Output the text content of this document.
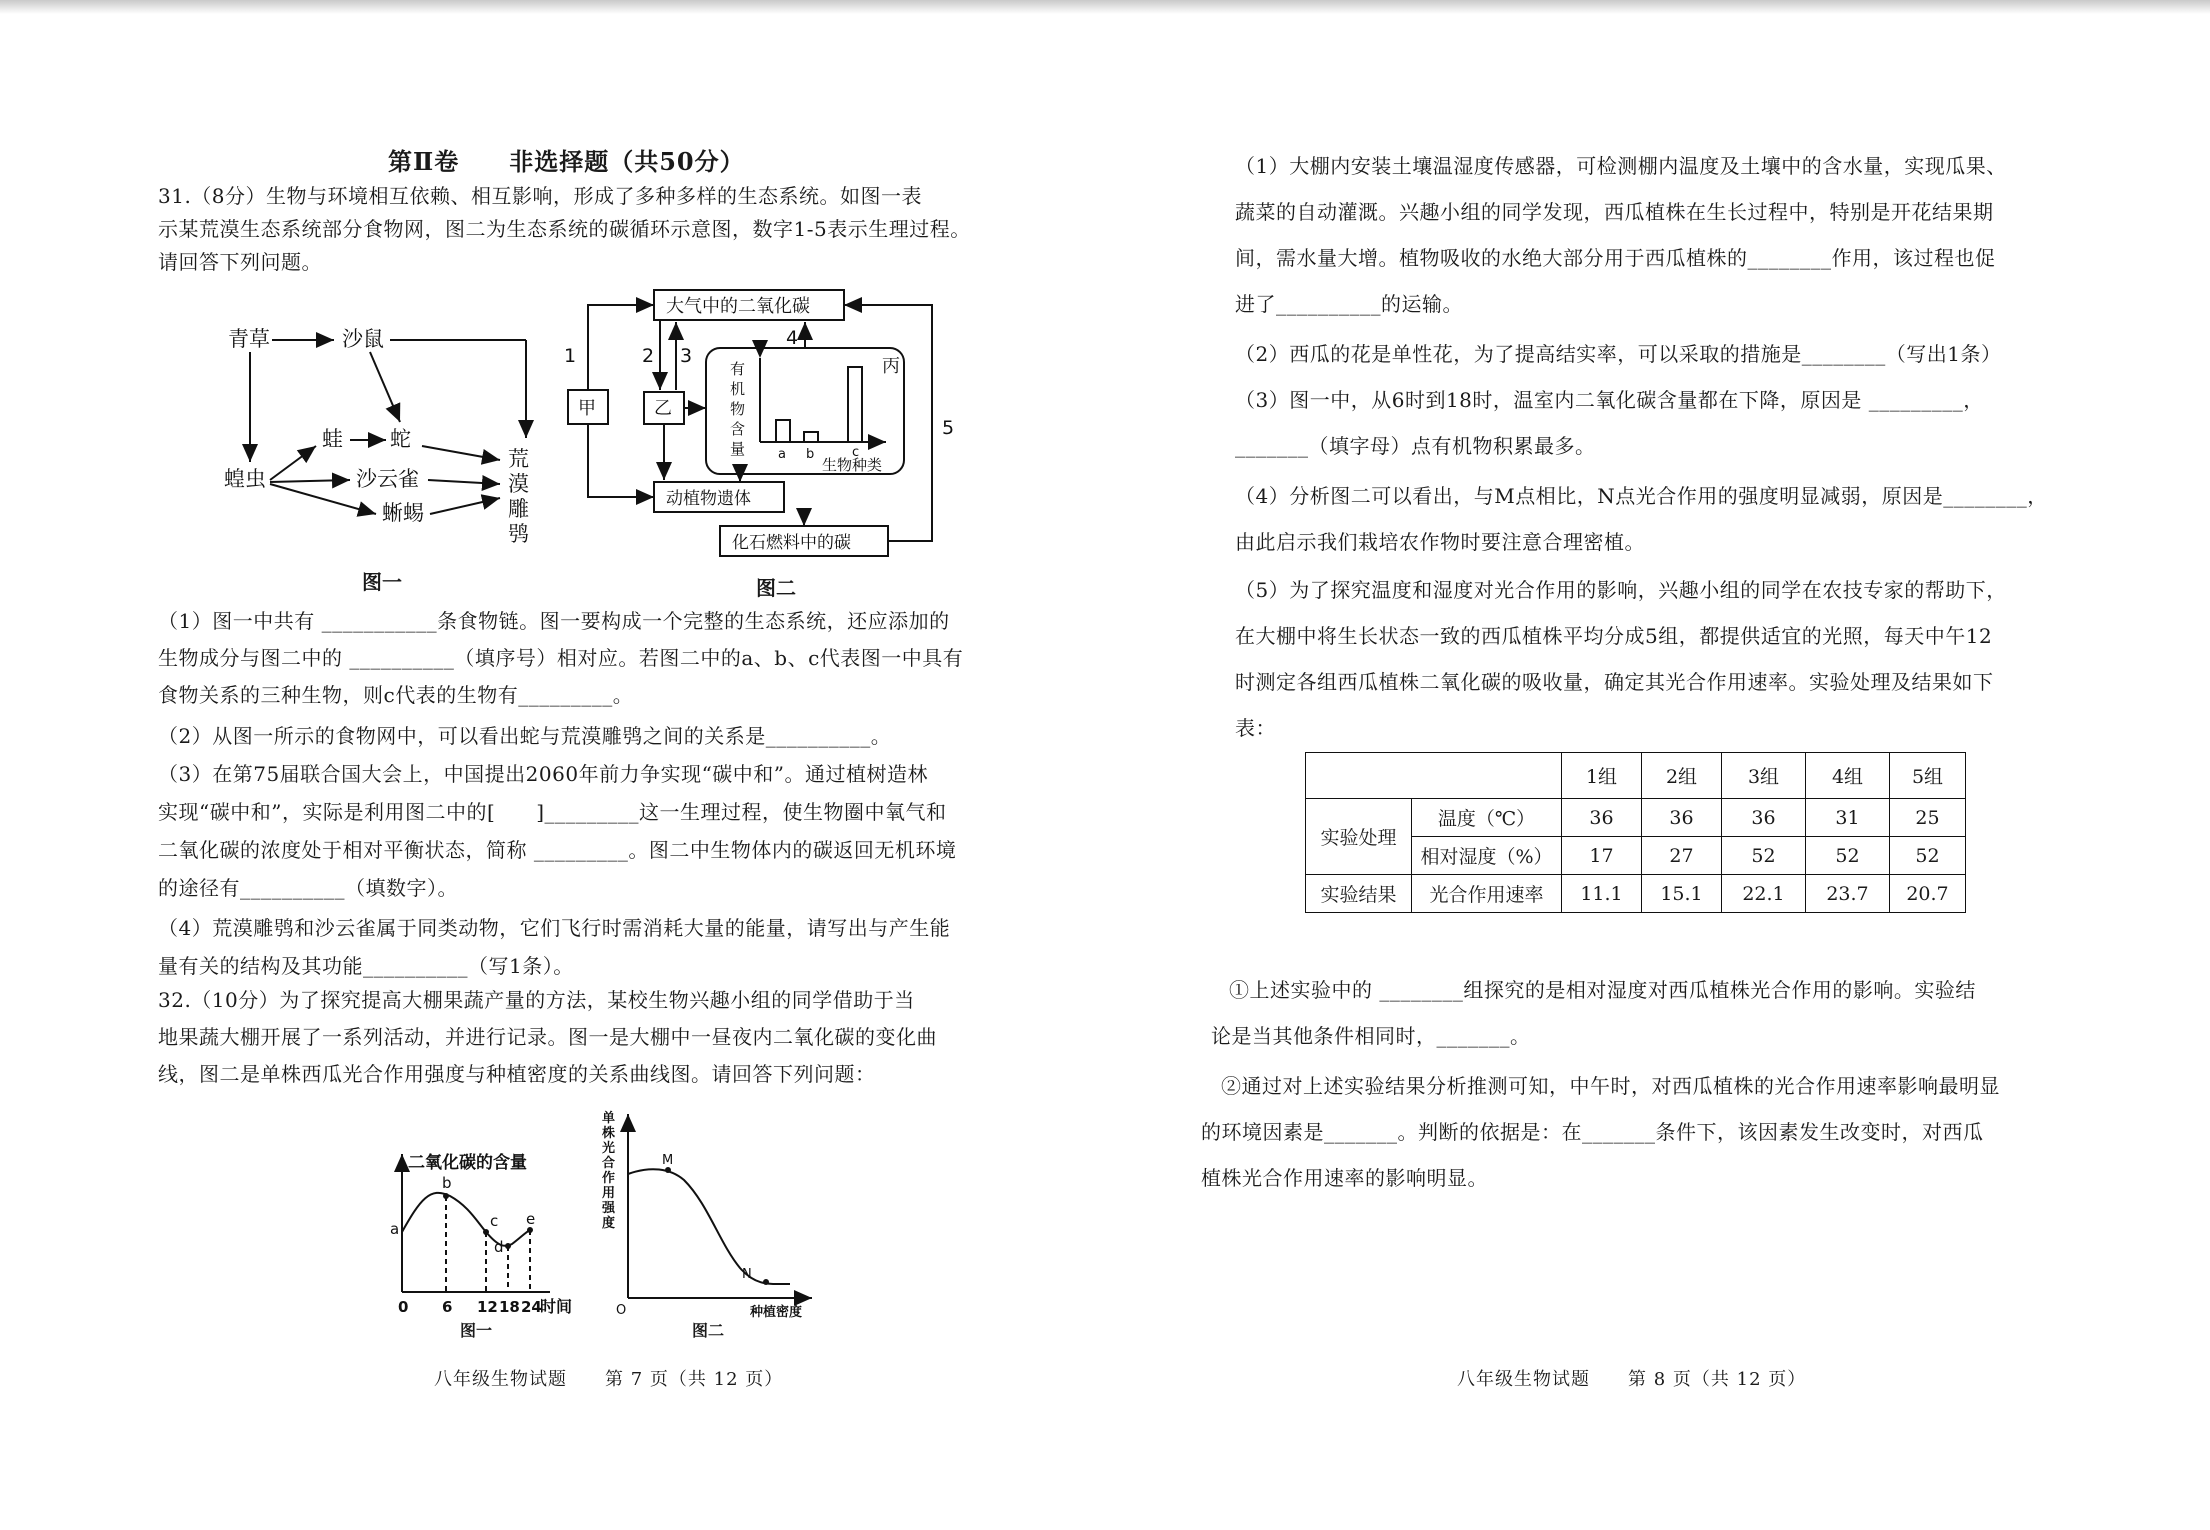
第Ⅱ卷　　非选择题（共50分）
31.（8分）生物与环境相互依赖、相互影响，形成了多种多样的生态系统。如图一表
示某荒漠生态系统部分食物网，图二为生态系统的碳循环示意图，数字1-5表示生理过程。
请回答下列问题。
青草	沙鼠
蛙 蛇
蝗虫	沙云雀
荒
漠
雕
鸮
蜥蜴
图一
大气中的二氧化碳
甲	乙
丙
有
机
物
含
量	a b	c
生物种类
动植物遗体
化石燃料中的碳
1	2 3
4
5
图二
（1）图一中共有 ___________条食物链。图一要构成一个完整的生态系统，还应添加的
生物成分与图二中的 __________（填序号）相对应。若图二中的a、b、c代表图一中具有
食物关系的三种生物，则c代表的生物有_________。
（2）从图一所示的食物网中，可以看出蛇与荒漠雕鸮之间的关系是__________。
（3）在第75届联合国大会上，中国提出2060年前力争实现“碳中和”。通过植树造林
实现“碳中和”，实际是利用图二中的[　　]_________这一生理过程，使生物圈中氧气和
二氧化碳的浓度处于相对平衡状态，简称 _________。图二中生物体内的碳返回无机环境
的途径有__________（填数字）。
（4）荒漠雕鸮和沙云雀属于同类动物，它们飞行时需消耗大量的能量，请写出与产生能
量有关的结构及其功能__________（写1条）。
32.（10分）为了探究提高大棚果蔬产量的方法，某校生物兴趣小组的同学借助于当
地果蔬大棚开展了一系列活动，并进行记录。图一是大棚中一昼夜内二氧化碳的变化曲
线，图二是单株西瓜光合作用强度与种植密度的关系曲线图。请回答下列问题：
二氧化碳的含量
a
b
c
d
e
0 6 12 18 24
时间
图一
O
M
N
单
株
光
合
作
用
强
度
种植密度
图二
八年级生物试题　　第 7 页（共 12 页）
（1）大棚内安装土壤温湿度传感器，可检测棚内温度及土壤中的含水量，实现瓜果、
蔬菜的自动灌溉。兴趣小组的同学发现，西瓜植株在生长过程中，特别是开花结果期
间，需水量大增。植物吸收的水绝大部分用于西瓜植株的________作用，该过程也促
进了__________的运输。
（2）西瓜的花是单性花，为了提高结实率，可以采取的措施是________（写出1条）
（3）图一中，从6时到18时，温室内二氧化碳含量都在下降，原因是 _________，
_______（填字母）点有机物积累最多。
（4）分析图二可以看出，与M点相比，N点光合作用的强度明显减弱，原因是________，
由此启示我们栽培农作物时要注意合理密植。
（5）为了探究温度和湿度对光合作用的影响，兴趣小组的同学在农技专家的帮助下，
在大棚中将生长状态一致的西瓜植株平均分成5组，都提供适宜的光照，每天中午12
时测定各组西瓜植株二氧化碳的吸收量，确定其光合作用速率。实验处理及结果如下
表：
		1组	2组	3组	4组	5组
实验处理	温度（℃）	36	36	36	31	25
	相对湿度（%）	17	27	52	52	52
实验结果	光合作用速率	11.1	15.1	22.1	23.7	20.7
①上述实验中的 ________组探究的是相对湿度对西瓜植株光合作用的影响。实验结
论是当其他条件相同时，_______。
②通过对上述实验结果分析推测可知，中午时，对西瓜植株的光合作用速率影响最明显
的环境因素是_______。判断的依据是：在_______条件下，该因素发生改变时，对西瓜
植株光合作用速率的影响明显。
八年级生物试题　　第 8 页（共 12 页）
